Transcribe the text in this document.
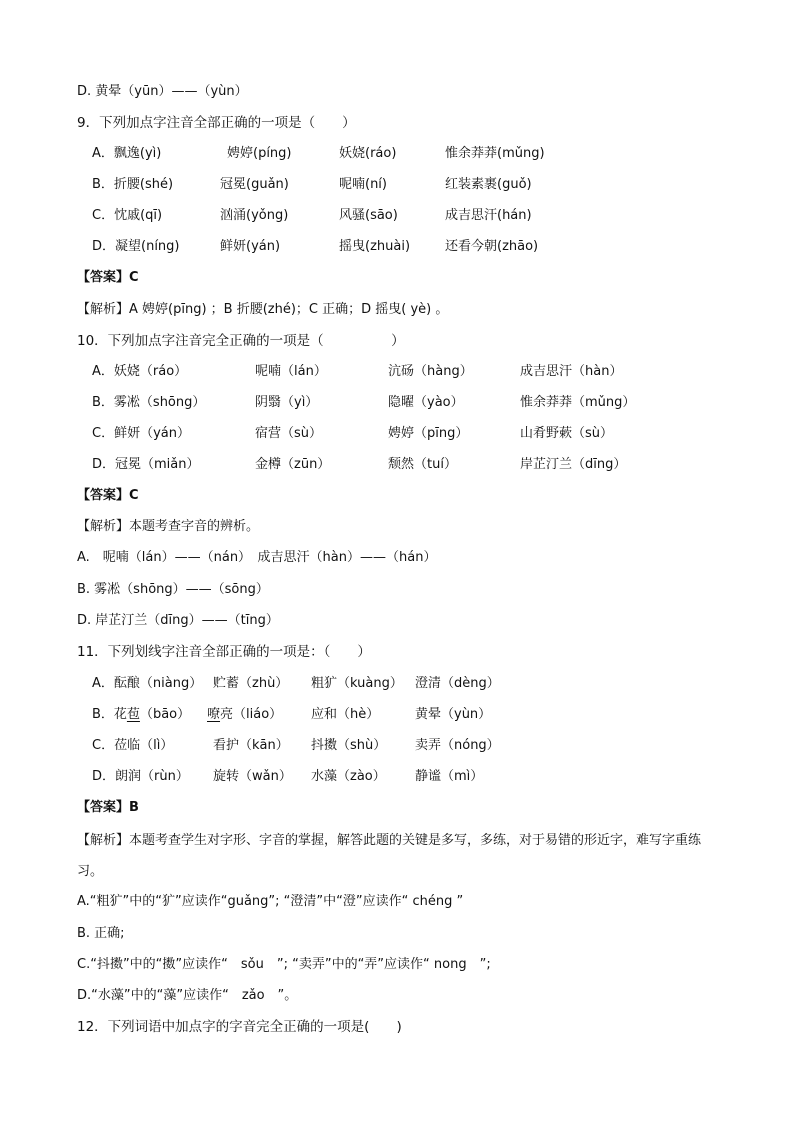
D. 黄晕（yūn）——（yùn）
9．下列加点字注音全部正确的一项是（　　）
A．飘逸(yì)	娉婷(píng)	妖娆(ráo)	惟余莽莽(mǔng)
B．折腰(shé)	冠冕(guǎn)	呢喃(ní)	红装素裹(guǒ)
C．忱戚(qī)	汹涌(yǒng)	风骚(sāo)	成吉思汗(hán)
D．凝望(níng)	鲜妍(yán)	摇曳(zhuài)	还看今朝(zhāo)
【答案】C
【解析】A 娉婷(pīng) ；B 折腰(zhé)；C 正确；D 摇曳( yè) 。
10．下列加点字注音完全正确的一项是（　　　　　）
A．妖娆（ráo）	呢喃（lán）	沆砀（hàng）	成吉思汗（hàn）
B．雾凇（shōng）	阴翳（yì）	隐曜（yào）	惟余莽莽（mǔng）
C．鲜妍（yán）	宿营（sù）	娉婷（pīng）	山肴野蔌（sù）
D．冠冕（miǎn）	金樽（zūn）	颓然（tuí）	岸芷汀兰（dīng）
【答案】C
【解析】本题考查字音的辨析。
A.　呢喃（lán）——（nán）　成吉思汗（hàn）——（hán）
B. 雾凇（shōng）——（sōng）
D. 岸芷汀兰（dīng）——（tīng）
11．下列划线字注音全部正确的一项是：（　　）
A．酝酿（niàng） 贮蓄（zhù） 粗犷（kuàng） 澄清（dèng）
B．花苞（bāo） 嘹亮（liáo） 应和（hè）	黄晕（yùn）
C．莅临（lì）	看护（kān） 抖擞（shù） 卖弄（nóng）
D．朗润（rùn） 旋转（wǎn） 水藻（zào） 静谧（mì）
【答案】B
【解析】本题考查学生对字形、字音的掌握，解答此题的关键是多写，多练，对于易错的形近字，难写字重练习。
A.“粗犷”中的“犷”应读作“guǎng”; “澄清”中“澄”应读作“ chéng ”
B. 正确;
C.“抖擞”中的“擞”应读作“　sǒu　”; “卖弄”中的“弄”应读作“ nong　”;
D.“水藻”中的“藻”应读作“　zǎo　”。
12．下列词语中加点字的字音完全正确的一项是(　　)
